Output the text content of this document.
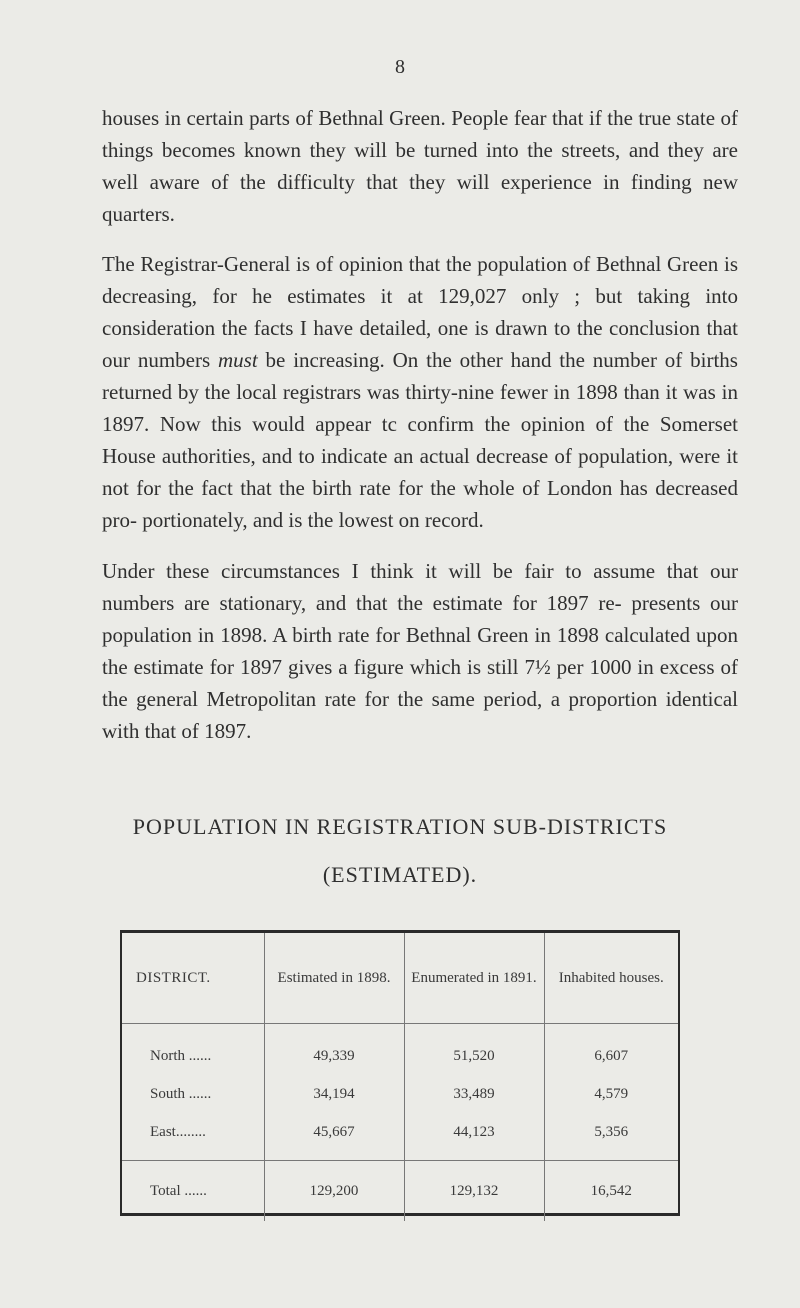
8

houses in certain parts of Bethnal Green. People fear that if the true state of things becomes known they will be turned into the streets, and they are well aware of the difficulty that they will experience in finding new quarters.

The Registrar-General is of opinion that the population of Bethnal Green is decreasing, for he estimates it at 129,027 only ; but taking into consideration the facts I have detailed, one is drawn to the conclusion that our numbers must be increasing. On the other hand the number of births returned by the local registrars was thirty-nine fewer in 1898 than it was in 1897. Now this would appear tc confirm the opinion of the Somerset House authorities, and to indicate an actual decrease of population, were it not for the fact that the birth rate for the whole of London has decreased pro- portionately, and is the lowest on record.

Under these circumstances I think it will be fair to assume that our numbers are stationary, and that the estimate for 1897 re- presents our population in 1898. A birth rate for Bethnal Green in 1898 calculated upon the estimate for 1897 gives a figure which is still 7½ per 1000 in excess of the general Metropolitan rate for the same period, a proportion identical with that of 1897.

POPULATION IN REGISTRATION SUB-DISTRICTS
(ESTIMATED).
DISTRICT.	Estimated in 1898.	Enumerated in 1891.	Inhabited houses.
North ......	49,339	51,520	6,607
South ......	34,194	33,489	4,579
East........	45,667	44,123	5,356
Total ......	129,200	129,132	16,542
